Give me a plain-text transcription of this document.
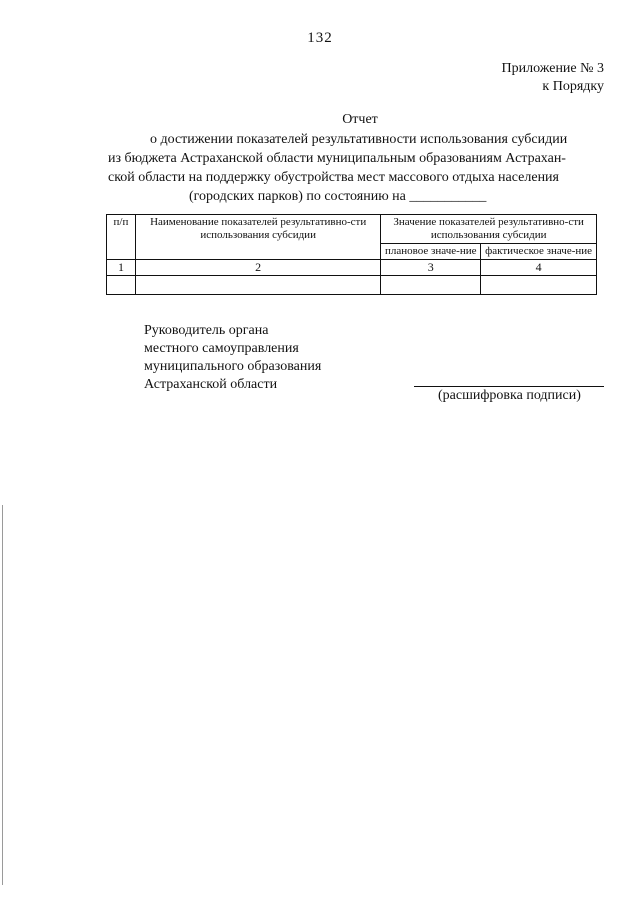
132
Приложение № 3
к Порядку
Отчет
о достижении показателей результативности использования субсидии
из бюджета Астраханской области муниципальным образованиям Астрахан-
ской области на поддержку обустройства мест массового отдыха населения
(городских парков) по состоянию на ___________
п/п	Наименование показателей результативно-сти использования субсидии	Значение показателей результативно-сти использования субсидии	
		плановое значе-ние	фактическое значе-ние
1	2	3	4

Руководитель органа
местного самоуправления
муниципального образования
Астраханской области
(расшифровка подписи)
